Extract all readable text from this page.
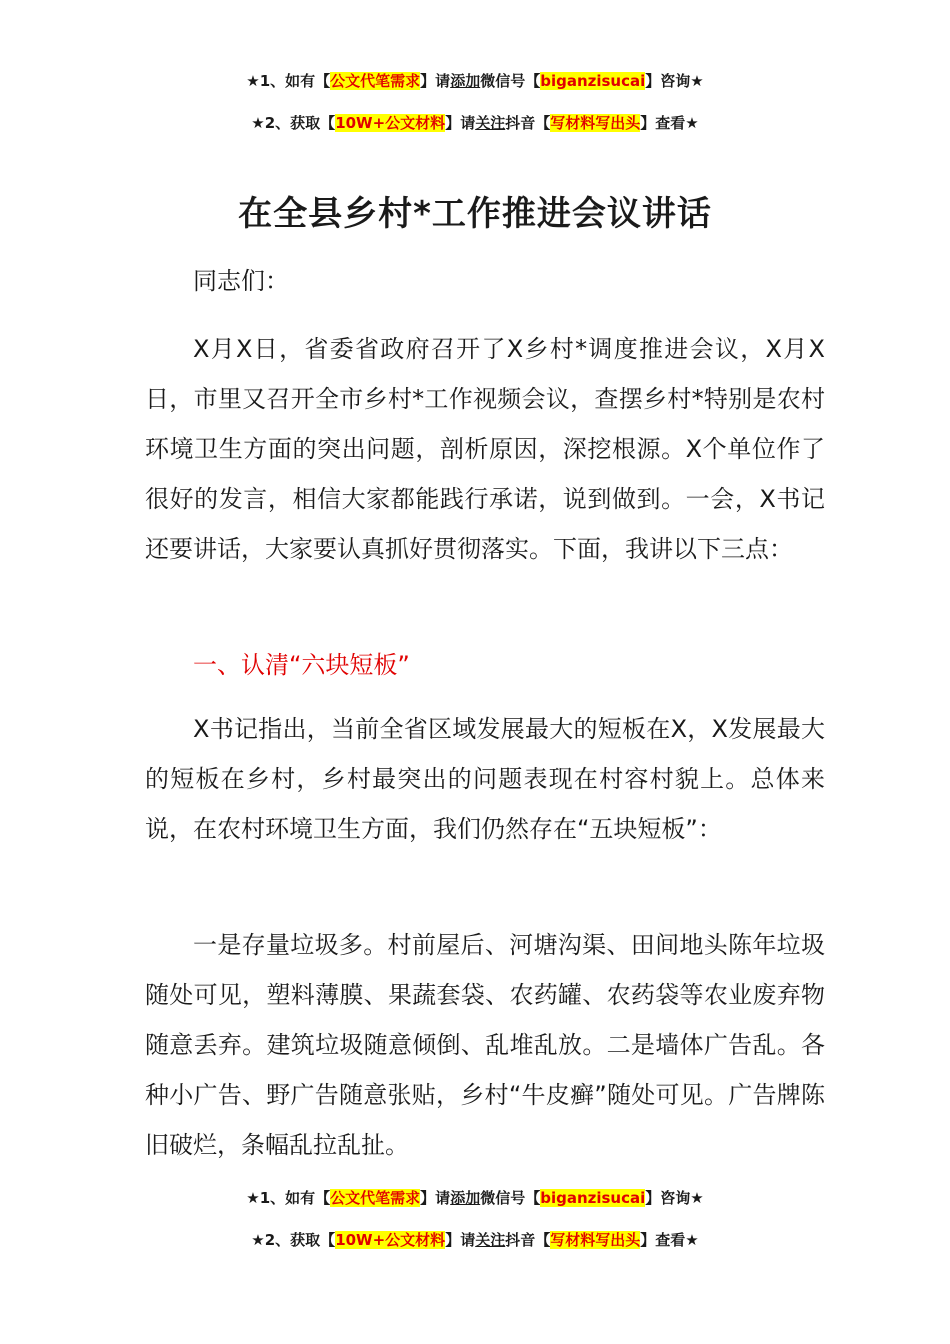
★1、如有【公文代笔需求】请添加微信号【biganzisucai】咨询★
★2、获取【10W+公文材料】请关注抖音【写材料写出头】查看★
在全县乡村*工作推进会议讲话

同志们：

X月X日，省委省政府召开了X乡村*调度推进会议，X月X日，市里又召开全市乡村*工作视频会议，查摆乡村*特别是农村环境卫生方面的突出问题，剖析原因，深挖根源。X个单位作了很好的发言，相信大家都能践行承诺，说到做到。一会，X书记还要讲话，大家要认真抓好贯彻落实。下面，我讲以下三点：

一、认清“六块短板”

X书记指出，当前全省区域发展最大的短板在X，X发展最大的短板在乡村，乡村最突出的问题表现在村容村貌上。总体来说，在农村环境卫生方面，我们仍然存在“五块短板”：

一是存量垃圾多。村前屋后、河塘沟渠、田间地头陈年垃圾随处可见，塑料薄膜、果蔬套袋、农药罐、农药袋等农业废弃物随意丢弃。建筑垃圾随意倾倒、乱堆乱放。二是墙体广告乱。各种小广告、野广告随意张贴，乡村“牛皮癣”随处可见。广告牌陈旧破烂，条幅乱拉乱扯。

★1、如有【公文代笔需求】请添加微信号【biganzisucai】咨询★
★2、获取【10W+公文材料】请关注抖音【写材料写出头】查看★
